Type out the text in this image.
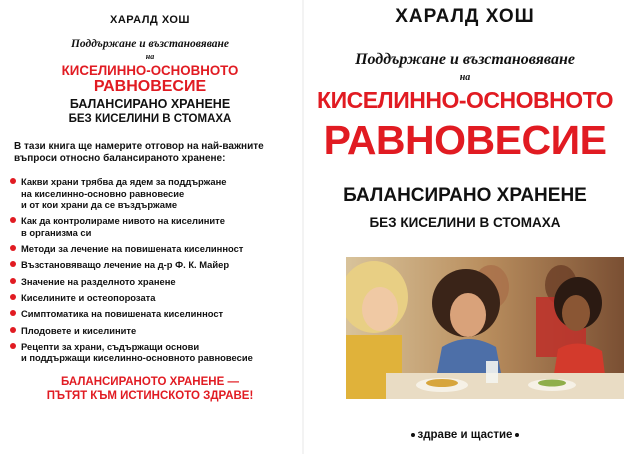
ХАРАЛД ХОШ
Поддържане и възстановяване
на
КИСЕЛИННО-ОСНОВНОТО
РАВНОВЕСИЕ
БАЛАНСИРАНО ХРАНЕНЕ
БЕЗ КИСЕЛИНИ В СТОМАХА
В тази книга ще намерите отговор на най-важните въпроси относно балансираното хранене:
Какви храни трябва да ядем за поддържане
на киселинно-основно равновесие
и от кои храни да се въздържаме
Как да контролираме нивото на киселините
в организма си
Методи за лечение на повишената киселинност
Възстановяващо лечение на д-р Ф. К. Майер
Значение на разделното хранене
Киселините и остеопорозата
Симптоматика на повишената киселинност
Плодовете и киселините
Рецепти за храни, съдържащи основи
и поддържащи киселинно-основното равновесие
БАЛАНСИРАНОТО ХРАНЕНЕ —
ПЪТЯТ КЪМ ИСТИНСКОТО ЗДРАВЕ!
ХАРАЛД ХОШ
Поддържане и възстановяване
на
КИСЕЛИННО-ОСНОВНОТО
РАВНОВЕСИЕ
БАЛАНСИРАНО ХРАНЕНЕ
БЕЗ КИСЕЛИНИ В СТОМАХА
здраве и щастие
